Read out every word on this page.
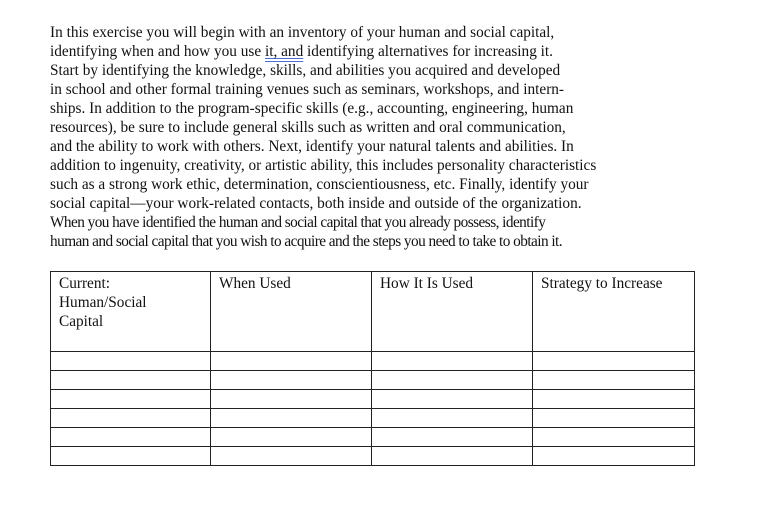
In this exercise you will begin with an inventory of your human and social capital,
identifying when and how you use it, and identifying alternatives for increasing it.
Start by identifying the knowledge, skills, and abilities you acquired and developed
in school and other formal training venues such as seminars, workshops, and intern-
ships. In addition to the program-specific skills (e.g., accounting, engineering, human
resources), be sure to include general skills such as written and oral communication,
and the ability to work with others. Next, identify your natural talents and abilities. In
addition to ingenuity, creativity, or artistic ability, this includes personality characteristics
such as a strong work ethic, determination, conscientiousness, etc. Finally, identify your
social capital—your work-related contacts, both inside and outside of the organization.
When you have identified the human and social capital that you already possess, identify
human and social capital that you wish to acquire and the steps you need to take to obtain it.
Current:
Human/Social
Capital	When Used	How It Is Used	Strategy to Increase
